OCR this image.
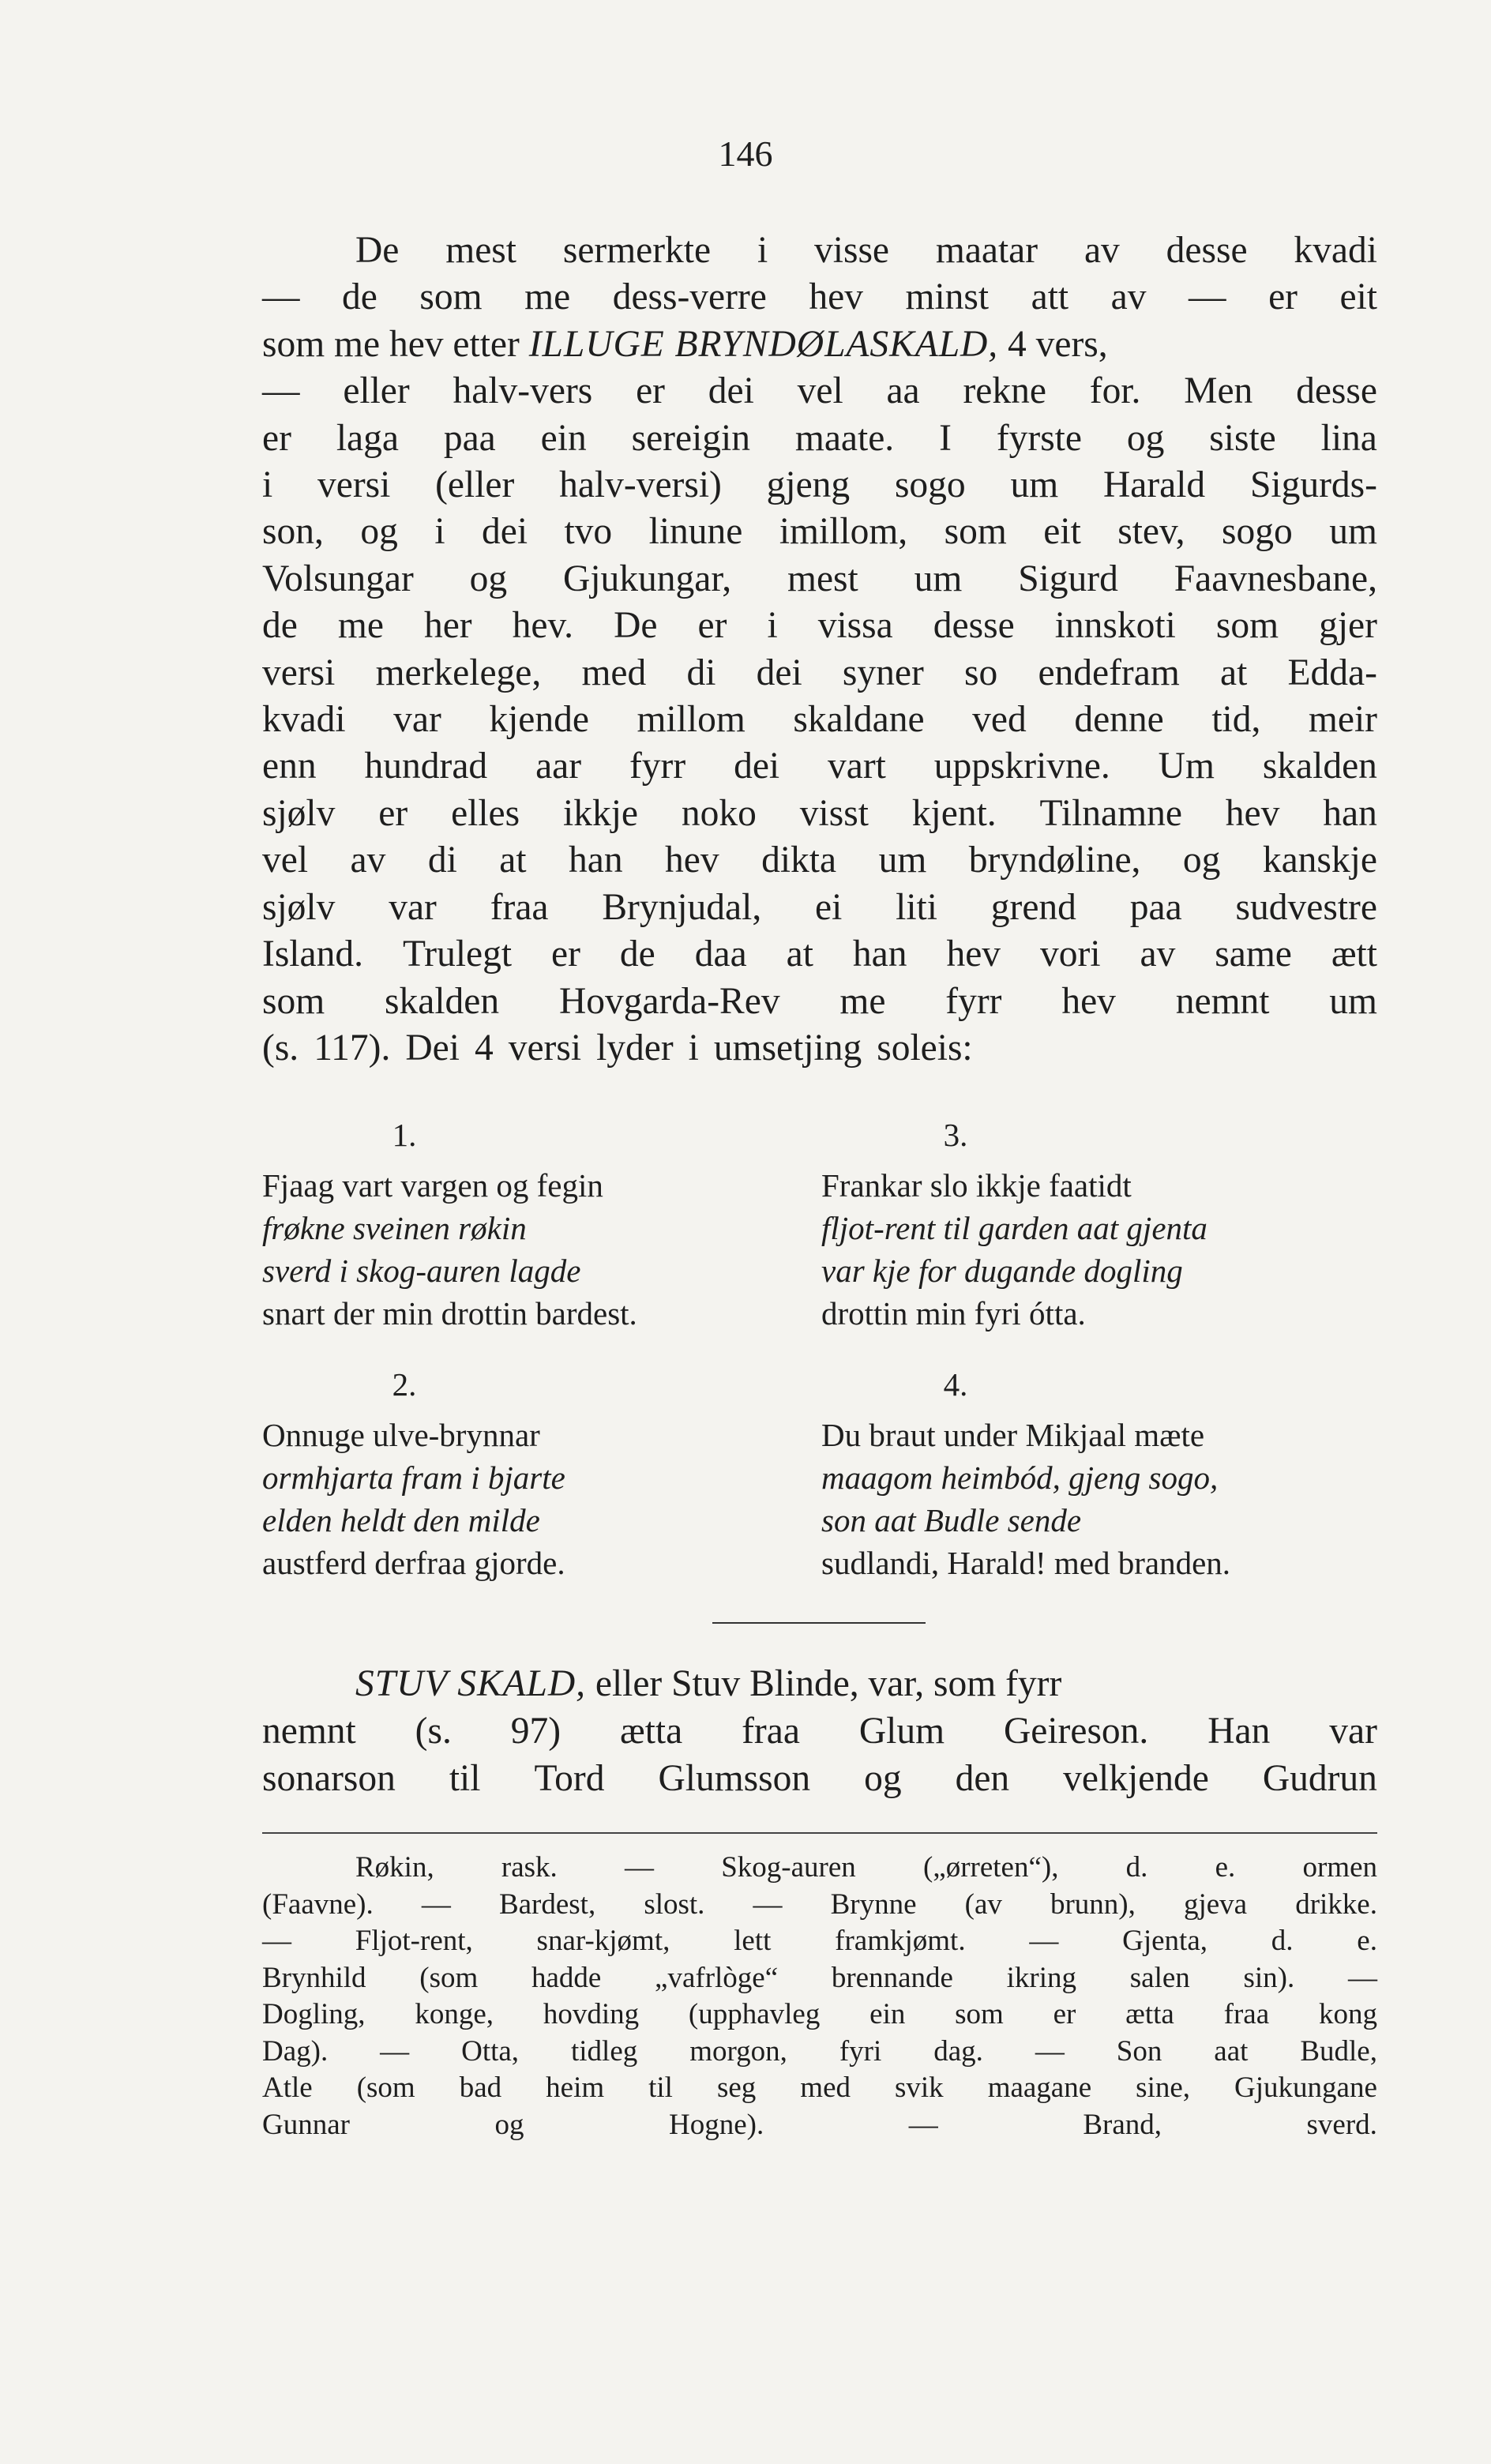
146
De mest sermerkte i visse maatar av desse kvadi
— de som me dess-verre hev minst att av — er eit
som me hev etter ILLUGE BRYNDØLASKALD, 4 vers,
— eller halv-vers er dei vel aa rekne for. Men desse
er laga paa ein sereigin maate. I fyrste og siste lina
i versi (eller halv-versi) gjeng sogo um Harald Sigurds-
son, og i dei tvo linune imillom, som eit stev, sogo um
Volsungar og Gjukungar, mest um Sigurd Faavnesbane,
de me her hev. De er i vissa desse innskoti som gjer
versi merkelege, med di dei syner so endefram at Edda-
kvadi var kjende millom skaldane ved denne tid, meir
enn hundrad aar fyrr dei vart uppskrivne. Um skalden
sjølv er elles ikkje noko visst kjent. Tilnamne hev han
vel av di at han hev dikta um bryndøline, og kanskje
sjølv var fraa Brynjudal, ei liti grend paa sudvestre
Island. Trulegt er de daa at han hev vori av same ætt
som skalden Hovgarda-Rev me fyrr hev nemnt um
(s. 117). Dei 4 versi lyder i umsetjing soleis:
1.
Fjaag vart vargen og fegin
frøkne sveinen røkin
sverd i skog-auren lagde
snart der min drottin bardest.
3.
Frankar slo ikkje faatidt
fljot-rent til garden aat gjenta
var kje for dugande dogling
drottin min fyri ótta.
2.
Onnuge ulve-brynnar
ormhjarta fram i bjarte
elden heldt den milde
austferd derfraa gjorde.
4.
Du braut under Mikjaal mæte
maagom heimbód, gjeng sogo,
son aat Budle sende
sudlandi, Harald! med branden.
STUV SKALD, eller Stuv Blinde, var, som fyrr
nemnt (s. 97) ætta fraa Glum Geireson. Han var
sonarson til Tord Glumsson og den velkjende Gudrun
Røkin, rask. — Skog-auren („ørreten“), d. e. ormen
(Faavne). — Bardest, slost. — Brynne (av brunn), gjeva drikke.
— Fljot-rent, snar-kjømt, lett framkjømt. — Gjenta, d. e.
Brynhild (som hadde „vafrlòge“ brennande ikring salen sin). —
Dogling, konge, hovding (upphavleg ein som er ætta fraa kong
Dag). — Otta, tidleg morgon, fyri dag. — Son aat Budle,
Atle (som bad heim til seg med svik maagane sine, Gjukungane
Gunnar	og	Hogne).	—	Brand,	sverd.
